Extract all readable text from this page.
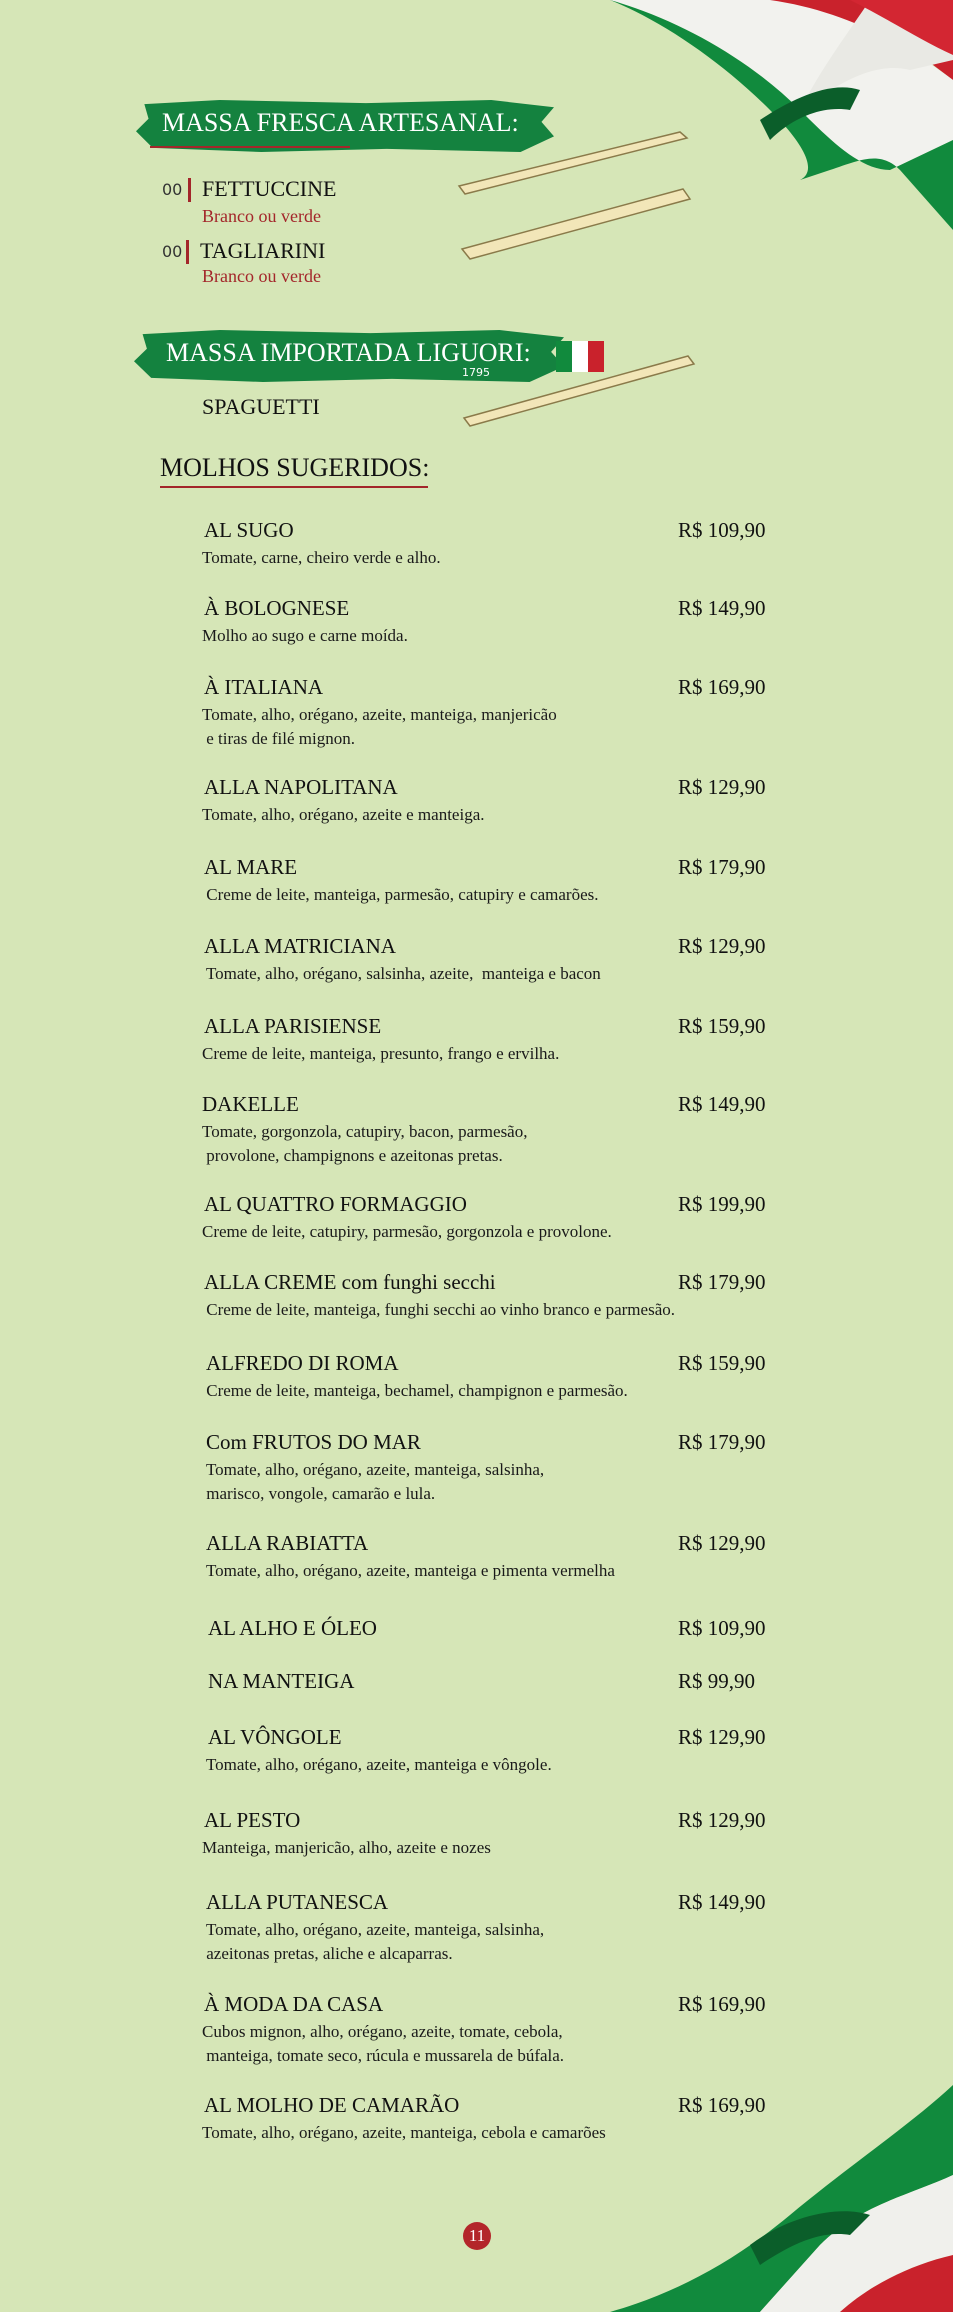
MASSA FRESCA ARTESANAL:
00 FETTUCCINE
Branco ou verde
00 TAGLIARINI
Branco ou verde
MASSA IMPORTADA LIGUORI:
1795
SPAGUETTI
MOLHOS SUGERIDOS:
AL SUGO	R$ 109,90
Tomate, carne, cheiro verde e alho.
À BOLOGNESE	R$ 149,90
Molho ao sugo e carne moída.
À ITALIANA	R$ 169,90
Tomate, alho, orégano, azeite, manteiga, manjericão
e tiras de filé mignon.
ALLA NAPOLITANA	R$ 129,90
Tomate, alho, orégano, azeite e manteiga.
AL MARE	R$ 179,90
Creme de leite, manteiga, parmesão, catupiry e camarões.
ALLA MATRICIANA	R$ 129,90
Tomate, alho, orégano, salsinha, azeite,  manteiga e bacon
ALLA PARISIENSE	R$ 159,90
Creme de leite, manteiga, presunto, frango e ervilha.
DAKELLE	R$ 149,90
Tomate, gorgonzola, catupiry, bacon, parmesão,
provolone, champignons e azeitonas pretas.
AL QUATTRO FORMAGGIO	R$ 199,90
Creme de leite, catupiry, parmesão, gorgonzola e provolone.
ALLA CREME com funghi secchi	R$ 179,90
Creme de leite, manteiga, funghi secchi ao vinho branco e parmesão.
ALFREDO DI ROMA	R$ 159,90
Creme de leite, manteiga, bechamel, champignon e parmesão.
Com FRUTOS DO MAR	R$ 179,90
Tomate, alho, orégano, azeite, manteiga, salsinha,
marisco, vongole, camarão e lula.
ALLA RABIATTA	R$ 129,90
Tomate, alho, orégano, azeite, manteiga e pimenta vermelha
AL ALHO E ÓLEO	R$ 109,90
NA MANTEIGA	R$ 99,90
AL VÔNGOLE	R$ 129,90
Tomate, alho, orégano, azeite, manteiga e vôngole.
AL PESTO	R$ 129,90
Manteiga, manjericão, alho, azeite e nozes
ALLA PUTANESCA	R$ 149,90
Tomate, alho, orégano, azeite, manteiga, salsinha,
azeitonas pretas, aliche e alcaparras.
À MODA DA CASA	R$ 169,90
Cubos mignon, alho, orégano, azeite, tomate, cebola,
manteiga, tomate seco, rúcula e mussarela de búfala.
AL MOLHO DE CAMARÃO	R$ 169,90
Tomate, alho, orégano, azeite, manteiga, cebola e camarões
11
